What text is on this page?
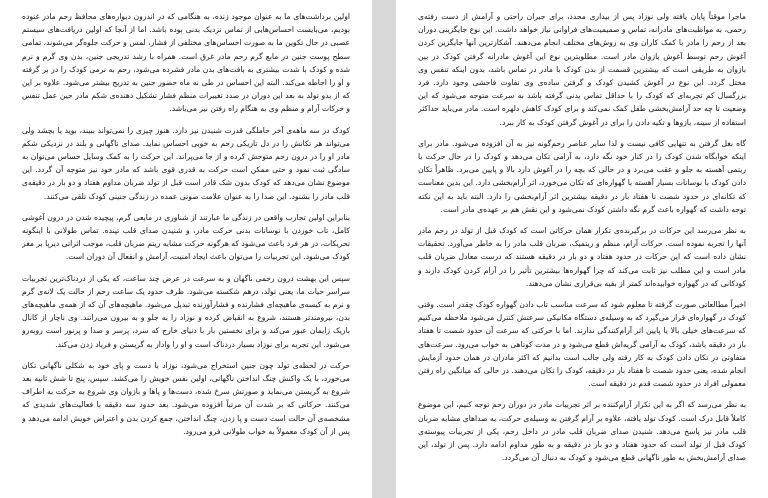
اولین برداشت‌های ما به عنوان موجود زنده، به هنگامی که در اندرون دیواره‌های محافظ رحم مادر غنوده بودیم، می‌بایست احساس‌هایی از تماس نزدیک بدنی بوده باشد. اما از آنجا که اولین دریافت‌های سیستم عصبی در حال تکوین ما به صورت احساس‌های مختلفی از فشار، لمس و حرکت جلوه‌گر می‌شوند، تمامی سطح پوست جنین در مابع گرم رحم مادر غرق است. همراه با رشد تدریجی جنین، بدن وی گرم و نرم شده و کودک با شدت بیشتری به بافت‌های بدن مادر فشرده می‌شود، رحم به نرمی کودک را در بر گرفته و او را احاطه می‌کند. البته این احساس در طی نه ماه حضور جنین به تدریج بیشتر می‌شود. علاوه بر این که از بدو تولد به بعد این دوران در صدد تغییرات منظم فشار تشکیل دهنده‌ی شکم مادر حین عمل تنفس و حرکات آرام و منظم وی به هنگام راه رفتن نیز می‌باشد.

کودک در سه ماهه‌ی آخر حاملگی قدرت شنیدن نیز دارد. هنوز چیزی را نمی‌تواند ببیند، بوید یا بچشد ولی می‌تواند هر تکانش را در دل تاریکی رحم به خوبی احساس نماید. صدای ناگهانی و بلند در نزدیکی شکم مادر او را در درون رحم متوحش کرده و از جا می‌پراند. این حرکت را به کمک وسایل حساس می‌توان به سادگی ثبت نمود و حتی ممکن است حرکت به قدری قوی باشد که مادر خود نیز متوجه آن گردد. این موضوع نشان می‌دهد که کودک بدون شک قادر است قبل از تولد ضربان مداوم هفتاد و دو بار در دقیقه‌ی قلب مادر را بشنود. این صدا را به عنوان علامت صوتی عمده در زندگی جنینی کودک تلقی می‌کنند.

بنابراین اولین تجارب واقعی در زندگی ما عبارتند از شناوری در مایعی گرم، پیچیده شدن در درون آغوشی کامل، تاب خوردن با نوسانات بدنی حرکت مادر، و شنیدن صدای قلب تپنده. تماس طولانی با اینگونه تحریکات، در هر فرد باعث می‌شود که هرگونه حرکت مشابه ریتم ضربان قلب، موجب اثراتی دیرپا بر مغز کودک می‌شود. این تجربیات را می‌توان باعث ایجاد امنیت، آرامش و انفعال آن دوران است.

سپس این بهشت درون رحمی ناگهان و به سرعت در عرض چند ساعت، که یکی از دردناک‌ترین تجربیات سراسر حیات ما، یعنی تولد، درهم شکسته می‌شود. ظرف حدود یک ساعت رحم از حالت یک لانه‌ی گرم و نرم به کیسه‌ی ماهیچه‌ای فشارنده و فشارآورنده تبدیل می‌شود. ماهیچه‌های آن که از همه‌ی ماهیچه‌های بدن، نیرومندتر هستند، شروع به انقباض کرده و نوزاد را به جلو و به بیرون می‌رانند. وی ناچار از کانال باریک زایمان عبور می‌کند و برای نخستین بار با دنیای خارج که سرد، پرسر و صدا و پرنور است روبه‌رو می‌شود. این تجربه برای نوزاد بسیار دردناک است و او را وادار به گریستن و فریاد زدن می‌کند.

حرکت در لحظه‌ی تولد چون جنین استخراج می‌شود، نوزاد با دست و پای خود به شکلی ناگهانی تکان می‌خورد، با یک واکنش چنگ انداختن ناگهانی، اولین نفس خویش را می‌کشد. سپس، پنج تا شش ثانیه بعد شروع به گریستن می‌نماید و صورتش سرخ شده، دست‌ها و پاها و بازوان وی شروع به حرکت به اطراف می‌کنند. حرکاتی که بر شدت آن مرتباً افزوده می‌شود. بعد حدود سه دقیقه با فعالیت‌های شدیدی که مشخصه‌ی آن حالت است دست و پا زدن، چنگ انداختن، جمع کردن بدن و اعتراض خویش ادامه می‌دهد و پس از آن کودک معمولاً به خواب طولانی فرو می‌رود.

ماجرا موقتاً پایان یافته ولی نوزاد پس از بیداری مجدد، برای جبران راحتی و آرامش از دست رفته‌ی رحمی، به مواظبت‌های مادرانه، تماس و صمیمیت‌های فراوانی نیاز خواهد داشت. این نوع جایگزینی دوران بعد از رحم را مادر با کمک کاران وی به روش‌های مختلف انجام می‌دهند. آشکارترین آنها جایگزین کردن آغوش رحم توسط آغوش بازوان مادر است. مطلوبترین نوع این آغوش مادرانه گرفتن کودک در بین بازوان به طریقی است که بیشترین قسمت از بدن کودک با مادر در تماس باشد، بدون اینکه تنفس وی مختل گردد. این نوع در آغوش کشیدن کودک و گرفتن ساده‌ی وی تفاوت فاحشی وجود دارد. فرد بزرگسال کم تجربه‌ای که کودک را با حداقل تماس بدنی گرفته باشد به سرعت متوجه می‌شود که این وضعیت تا چه حد آرامش‌بخشی طفل کمک نمی‌کند و برای کودک کاهش دلهره است. مادر می‌باید حداکثر استفاده از سینه، بازوها و تکیه دادن را برای در آغوش گرفتن کودک به کار ببرد.

گاه بغل گرفتن به تنهایی کافی نیست و لذا سایر عناصر رحم‌گونه نیز به آن افزوده می‌شود. مادر برای اینکه خوابگاه شدن کودک را در کنار خود نگه دارد، به آرامی تکان می‌دهد و کودک را در حال حرکت با ریتمی آهسته به جلو و عقب می‌برد و در حالی که بچه را در آغوش دارد بالا و پایین می‌برد. ظاهراً تکان دادن کودک با نوسانات بسیار آهسته با گهواره‌ای که تکان می‌خورد، اثر آرام‌بخشی دارد. این بدین معناست که تکانه‌ای در حدود شصت تا هفتاد بار در دقیقه بیشترین اثر آرام‌بخشی را دارد. البته باید به این نکته توجه داشت که گهواره باعث گرم نگه داشتن کودک نمی‌شود و این نقش هم بر عهده‌ی مادر است.

به نظر می‌رسد این حرکات در برگیرنده‌ی تکرار همان حرکاتی است که کودک قبل از تولد در رحم مادر آنها را تجربه نموده است. حرکات آرام، منظم و ریتمیک، ضربان قلب مادر را به خاطر می‌آورد. تحقیقات نشان داده است که این حرکات در حدود هفتاد و دو بار در دقیقه هستند که درست معادل ضربان قلب مادر است و این مطلب نیز ثابت می‌کند که چرا گهواره‌ها بیشترین تأثیر را در آرام کردن کودک دارند و کودکانی که در گهواره خوابیده‌اند کمتر از بقیه بی‌قراری نشان می‌دهند.

اخیراً مطالعاتی صورت گرفته تا معلوم شود که سرعت مناسب تاب دادن گهواره کودک چقدر است. وقتی کودک در گهواره‌ای قرار می‌گیرد که به وسیله‌ی دستگاه مکانیکی سرعتش کنترل می‌شود ملاحظه می‌کنیم که سرعت‌های خیلی بالا یا پایین اثر آرام‌کنندگی ندارند. اما با حرکتی که سرعت آن حدود شصت تا هفتاد بار در دقیقه باشد، کودک به آرامی گریه‌اش قطع می‌شود و در مدت کوتاهی به خواب می‌رود. سرعت‌های متفاوتی در تکان دادن کودک به کار رفته ولی جالب است بدانیم که اکثر مادران در همان حدود آزمایش انجام شده، یعنی حدود شصت تا هفتاد بار در دقیقه، کودک را تکان می‌دهند. در حالی که میانگین راه رفتن معمولی افراد در حدود شصت قدم در دقیقه است.

به نظر می‌رسد که اگر به این تکرار آرام‌کننده بر اثر تجربیات مادر در دوران رحم توجه کنیم، این موضوع کاملاً قابل درک است. کودک تولد یافته، علاوه بر آرام گرفتن به وسیله‌ی حرکت، به صداهای مشابه ضربان قلب مادر نیز پاسخ می‌دهد. شنیدن صدای ضربان قلب مادر در داخل رحم، یکی از تجربیات پیوسته‌ی کودک قبل از تولد است که حدود هفتاد و دو بار در دقیقه و به طور مداوم ادامه دارد. پس از تولد، این صدای آرامش‌بخش به طور ناگهانی قطع می‌شود و کودک به دنبال آن می‌گردد.
